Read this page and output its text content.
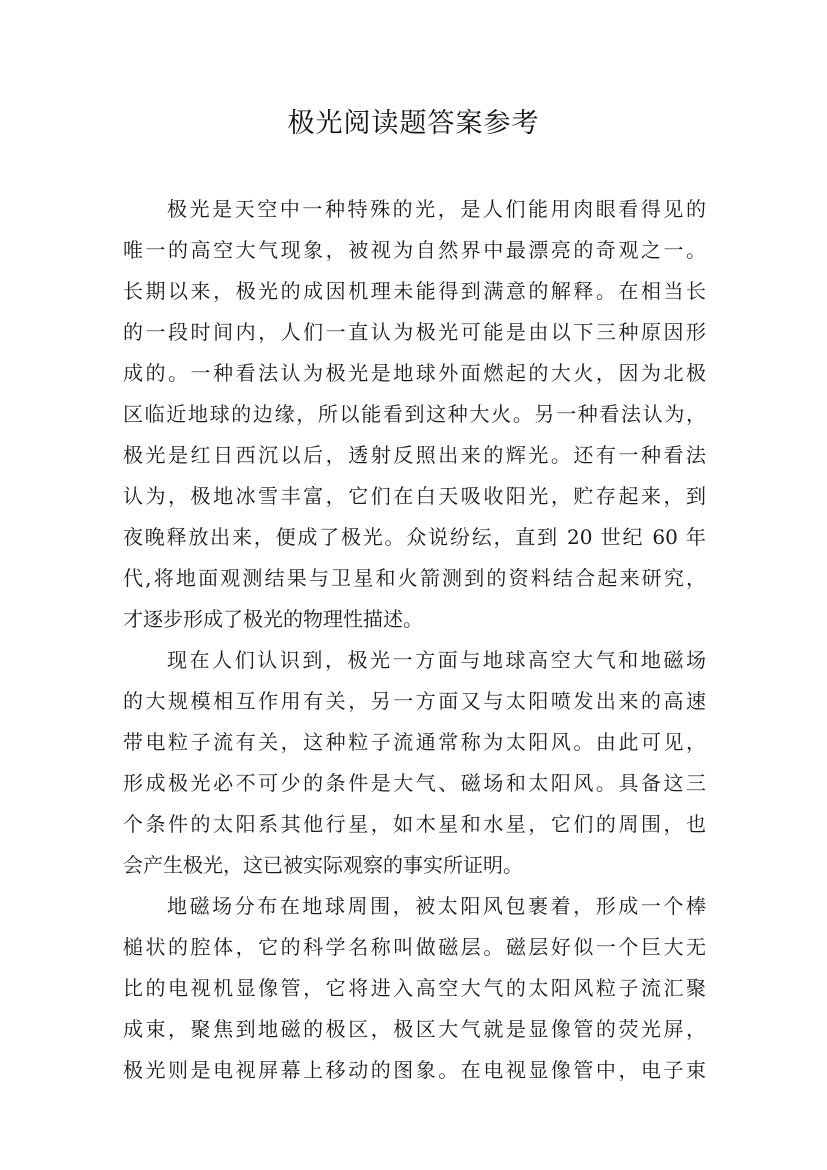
极光阅读题答案参考
极光是天空中一种特殊的光，是人们能用肉眼看得见的
唯一的高空大气现象，被视为自然界中最漂亮的奇观之一。
长期以来，极光的成因机理未能得到满意的解释。在相当长
的一段时间内，人们一直认为极光可能是由以下三种原因形
成的。一种看法认为极光是地球外面燃起的大火，因为北极
区临近地球的边缘，所以能看到这种大火。另一种看法认为，
极光是红日西沉以后，透射反照出来的辉光。还有一种看法
认为，极地冰雪丰富，它们在白天吸收阳光，贮存起来，到
夜晚释放出来，便成了极光。众说纷纭，直到 20 世纪 60 年
代,将地面观测结果与卫星和火箭测到的资料结合起来研究，
才逐步形成了极光的物理性描述。
现在人们认识到，极光一方面与地球高空大气和地磁场
的大规模相互作用有关，另一方面又与太阳喷发出来的高速
带电粒子流有关，这种粒子流通常称为太阳风。由此可见，
形成极光必不可少的条件是大气、磁场和太阳风。具备这三
个条件的太阳系其他行星，如木星和水星，它们的周围，也
会产生极光，这已被实际观察的事实所证明。
地磁场分布在地球周围，被太阳风包裹着，形成一个棒
槌状的腔体，它的科学名称叫做磁层。磁层好似一个巨大无
比的电视机显像管，它将进入高空大气的太阳风粒子流汇聚
成束，聚焦到地磁的极区，极区大气就是显像管的荧光屏，
极光则是电视屏幕上移动的图象。在电视显像管中，电子束
